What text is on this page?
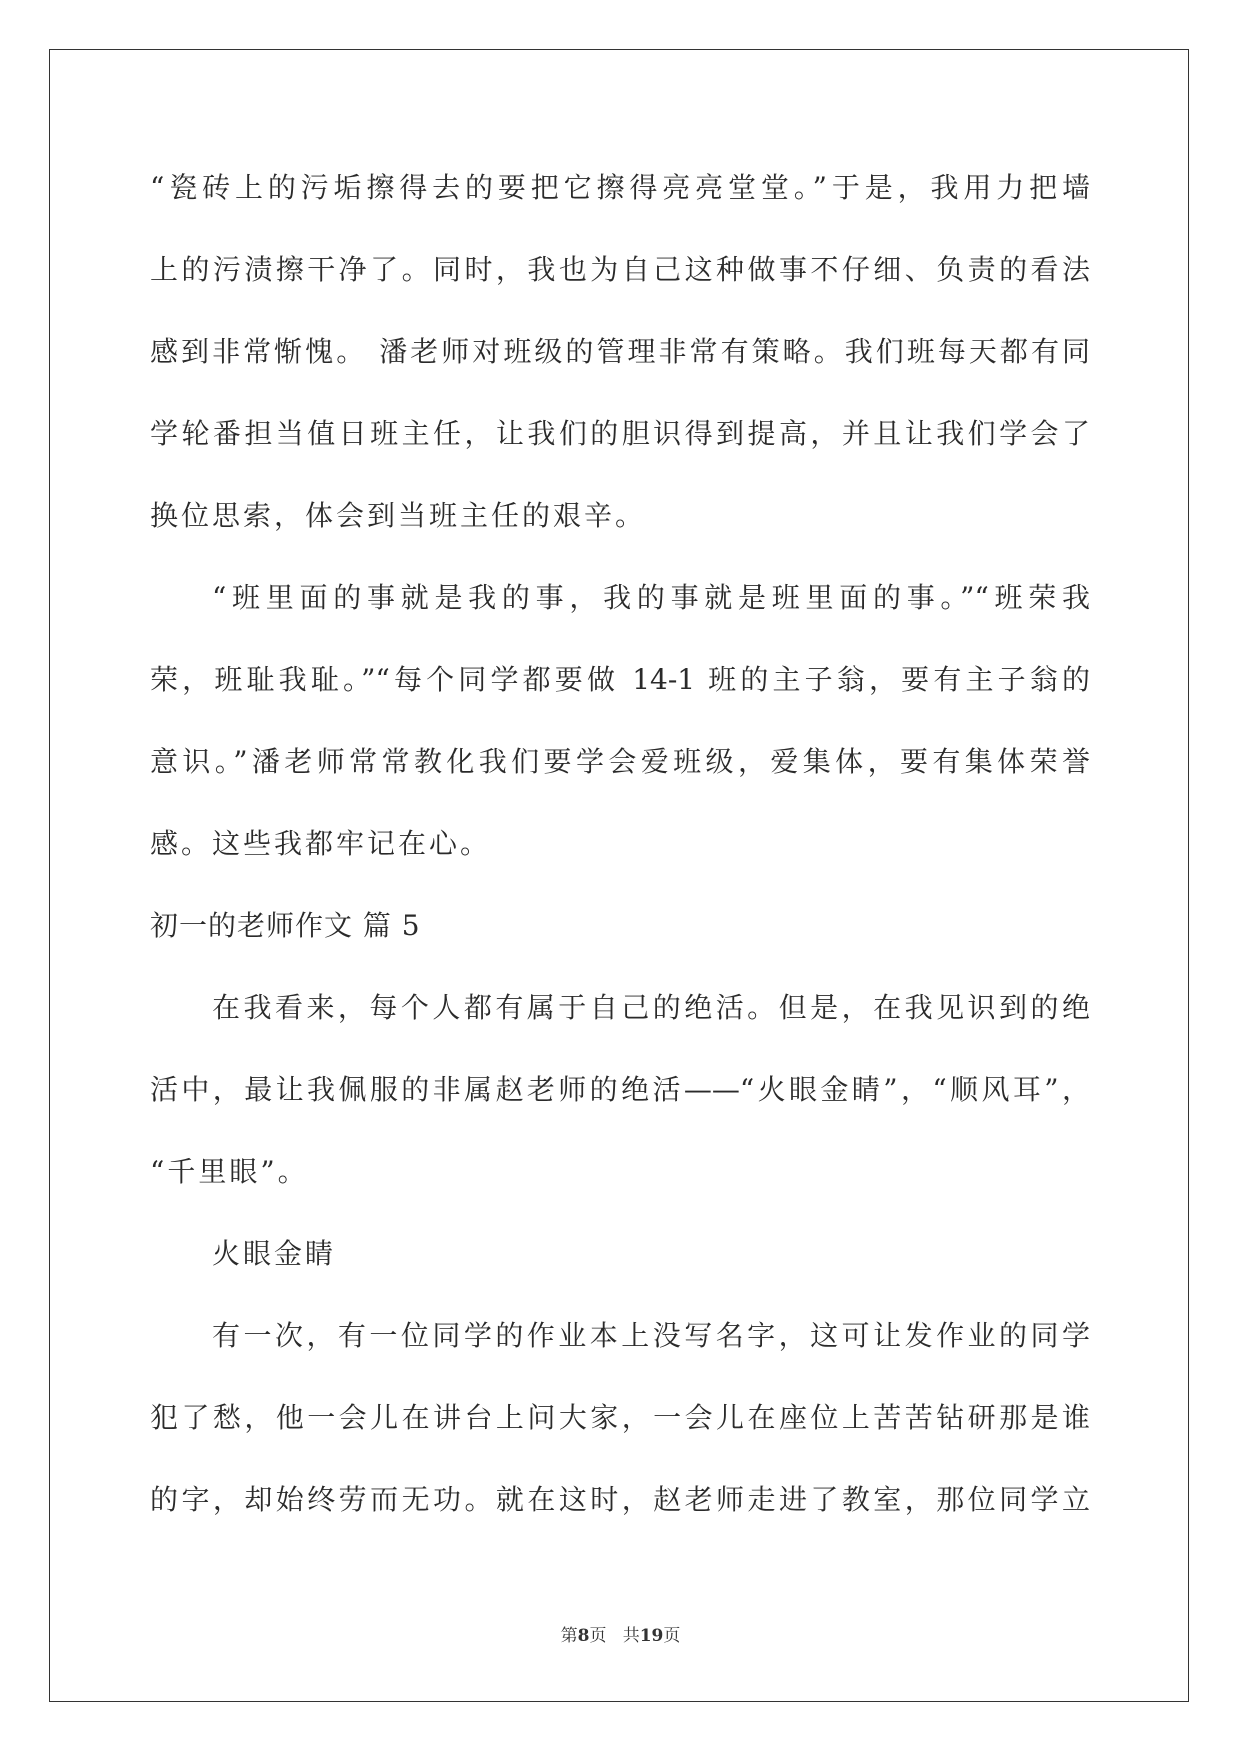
“瓷砖上的污垢擦得去的要把它擦得亮亮堂堂。”于是，我用力把墙
上的污渍擦干净了。同时，我也为自己这种做事不仔细、负责的看法
感到非常惭愧。 潘老师对班级的管理非常有策略。我们班每天都有同
学轮番担当值日班主任，让我们的胆识得到提高，并且让我们学会了
换位思索，体会到当班主任的艰辛。
“班里面的事就是我的事，我的事就是班里面的事。”“班荣我
荣，班耻我耻。”“每个同学都要做 14-1 班的主子翁，要有主子翁的
意识。”潘老师常常教化我们要学会爱班级，爱集体，要有集体荣誉
感。这些我都牢记在心。
初一的老师作文 篇 5
在我看来，每个人都有属于自己的绝活。但是，在我见识到的绝
活中，最让我佩服的非属赵老师的绝活——“火眼金睛”，“顺风耳”，
“千里眼”。
火眼金睛
有一次，有一位同学的作业本上没写名字，这可让发作业的同学
犯了愁，他一会儿在讲台上问大家，一会儿在座位上苦苦钻研那是谁
的字，却始终劳而无功。就在这时，赵老师走进了教室，那位同学立
第8页 共19页
